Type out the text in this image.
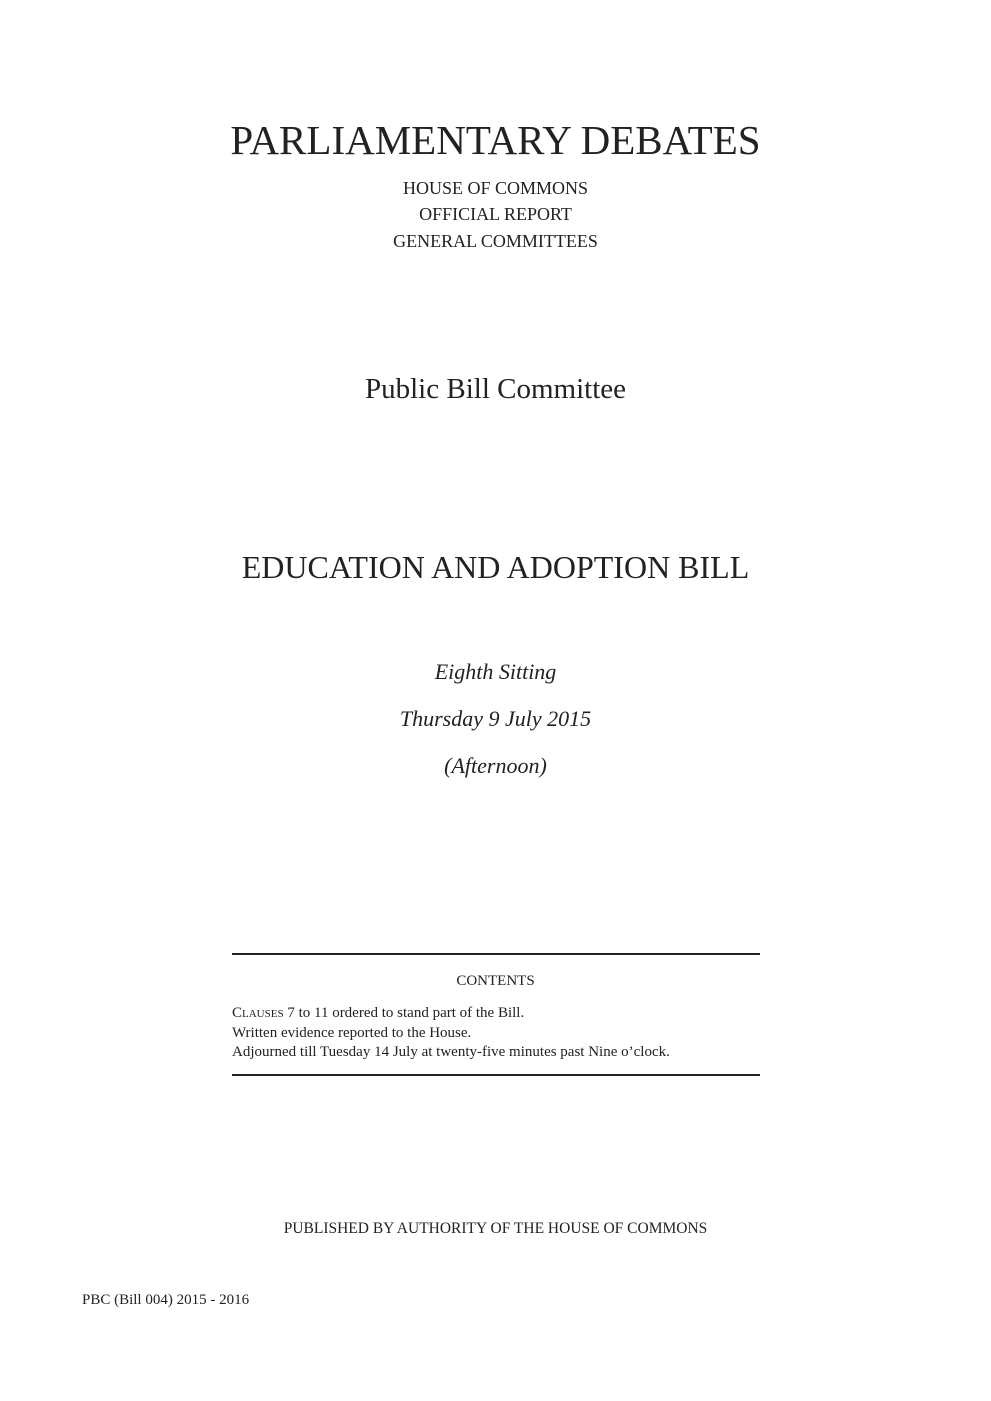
PARLIAMENTARY DEBATES
HOUSE OF COMMONS
OFFICIAL REPORT
GENERAL COMMITTEES
Public Bill Committee
EDUCATION AND ADOPTION BILL
Eighth Sitting
Thursday 9 July 2015
(Afternoon)
CONTENTS
Clauses 7 to 11 ordered to stand part of the Bill.
Written evidence reported to the House.
Adjourned till Tuesday 14 July at twenty-five minutes past Nine o’clock.
PUBLISHED BY AUTHORITY OF THE HOUSE OF COMMONS
PBC (Bill 004) 2015 - 2016
